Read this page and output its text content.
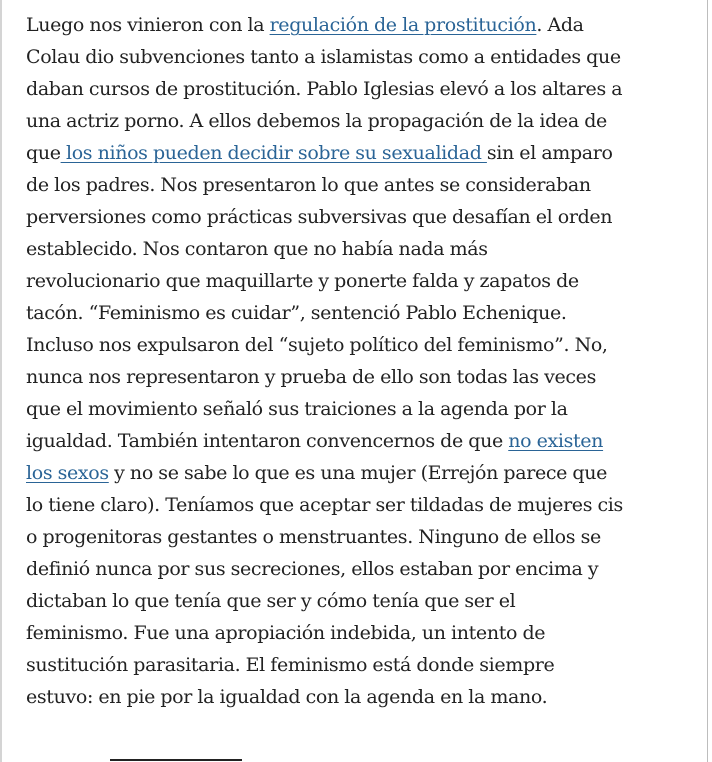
Luego nos vinieron con la regulación de la prostitución. Ada
Colau dio subvenciones tanto a islamistas como a entidades que
daban cursos de prostitución. Pablo Iglesias elevó a los altares a
una actriz porno. A ellos debemos la propagación de la idea de
que los niños pueden decidir sobre su sexualidad sin el amparo
de los padres. Nos presentaron lo que antes se consideraban
perversiones como prácticas subversivas que desafían el orden
establecido. Nos contaron que no había nada más
revolucionario que maquillarte y ponerte falda y zapatos de
tacón. “Feminismo es cuidar”, sentenció Pablo Echenique.
Incluso nos expulsaron del “sujeto político del feminismo”. No,
nunca nos representaron y prueba de ello son todas las veces
que el movimiento señaló sus traiciones a la agenda por la
igualdad. También intentaron convencernos de que no existen
los sexos y no se sabe lo que es una mujer (Errejón parece que
lo tiene claro). Teníamos que aceptar ser tildadas de mujeres cis
o progenitoras gestantes o menstruantes. Ninguno de ellos se
definió nunca por sus secreciones, ellos estaban por encima y
dictaban lo que tenía que ser y cómo tenía que ser el
feminismo. Fue una apropiación indebida, un intento de
sustitución parasitaria. El feminismo está donde siempre
estuvo: en pie por la igualdad con la agenda en la mano.
